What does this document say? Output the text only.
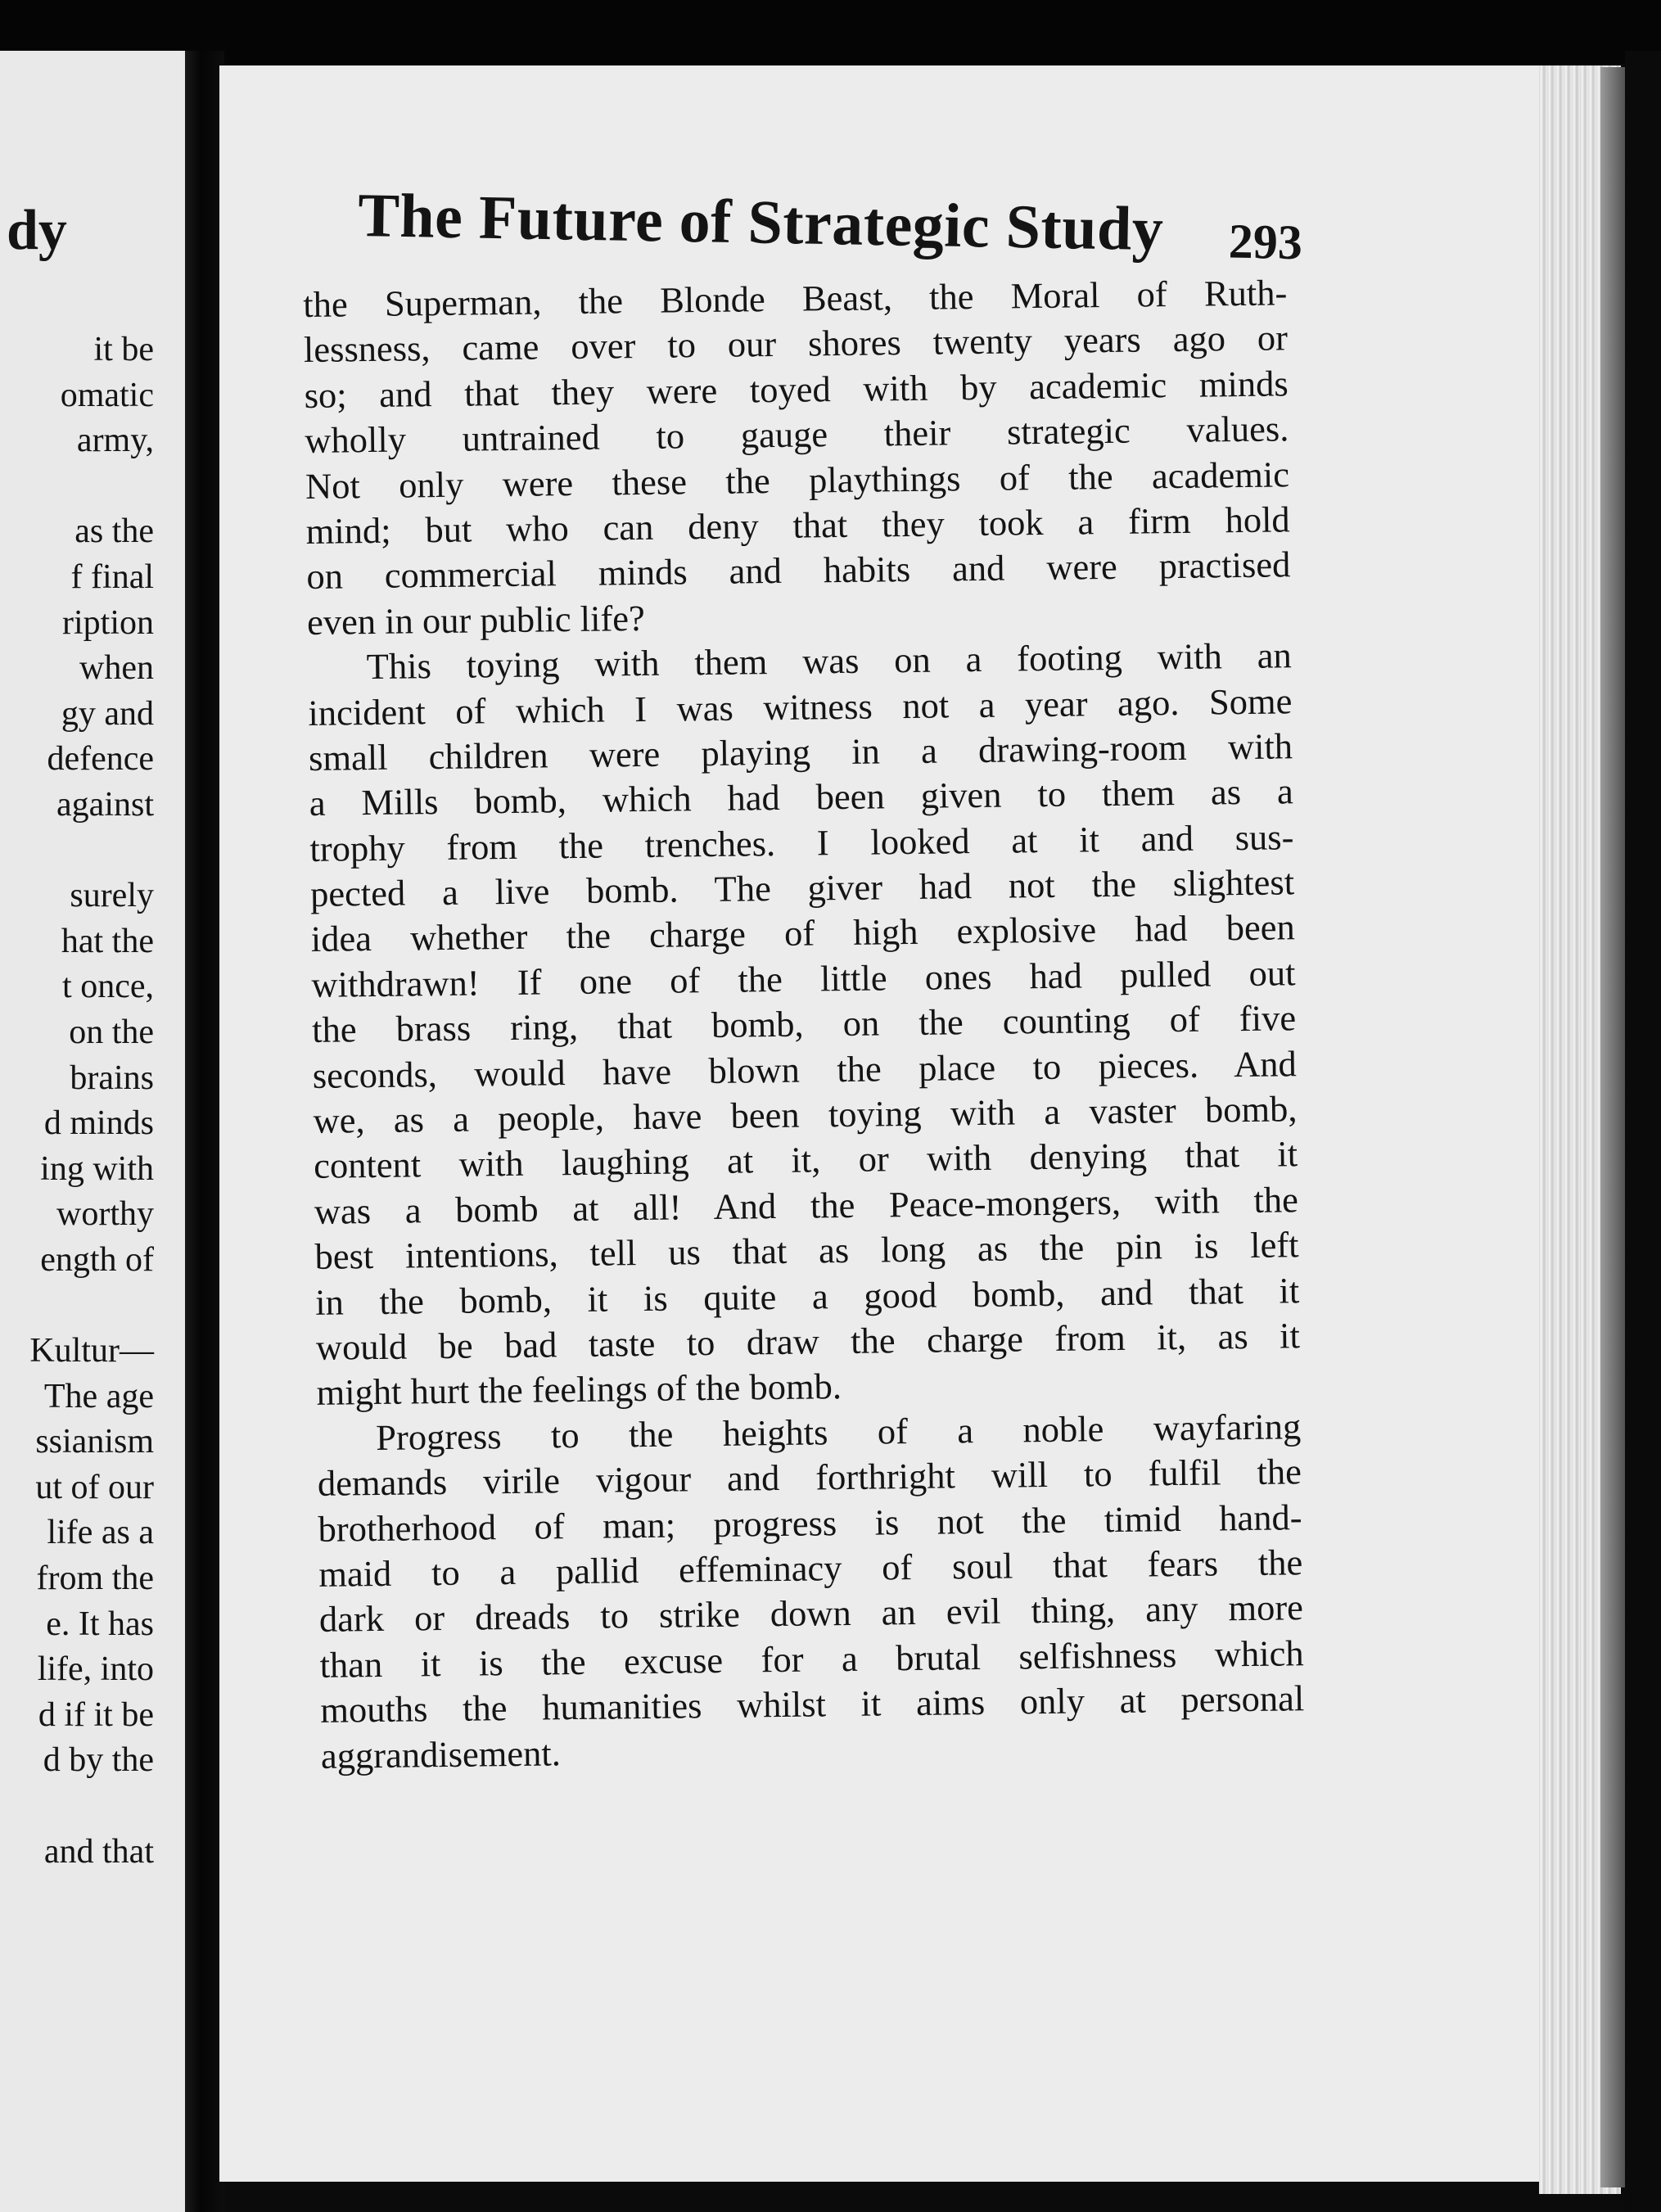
dy
it be
omatic
army,
as the
f final
ription
when
gy and
defence
against
surely
hat the
t once,
on the
brains
d minds
ing with
worthy
ength of
Kultur—
The age
ssianism
ut of our
life as a
from the
e. It has
life, into
d if it be
d by the
and that
The Future of Strategic Study 293
the Superman, the Blonde Beast, the Moral of Ruth-
lessness, came over to our shores twenty years ago or
so; and that they were toyed with by academic minds
wholly untrained to gauge their strategic values.
Not only were these the playthings of the academic
mind; but who can deny that they took a firm hold
on commercial minds and habits and were practised
even in our public life?
This toying with them was on a footing with an
incident of which I was witness not a year ago. Some
small children were playing in a drawing-room with
a Mills bomb, which had been given to them as a
trophy from the trenches. I looked at it and sus-
pected a live bomb. The giver had not the slightest
idea whether the charge of high explosive had been
withdrawn! If one of the little ones had pulled out
the brass ring, that bomb, on the counting of five
seconds, would have blown the place to pieces. And
we, as a people, have been toying with a vaster bomb,
content with laughing at it, or with denying that it
was a bomb at all! And the Peace-mongers, with the
best intentions, tell us that as long as the pin is left
in the bomb, it is quite a good bomb, and that it
would be bad taste to draw the charge from it, as it
might hurt the feelings of the bomb.
Progress to the heights of a noble wayfaring
demands virile vigour and forthright will to fulfil the
brotherhood of man; progress is not the timid hand-
maid to a pallid effeminacy of soul that fears the
dark or dreads to strike down an evil thing, any more
than it is the excuse for a brutal selfishness which
mouths the humanities whilst it aims only at personal
aggrandisement.
